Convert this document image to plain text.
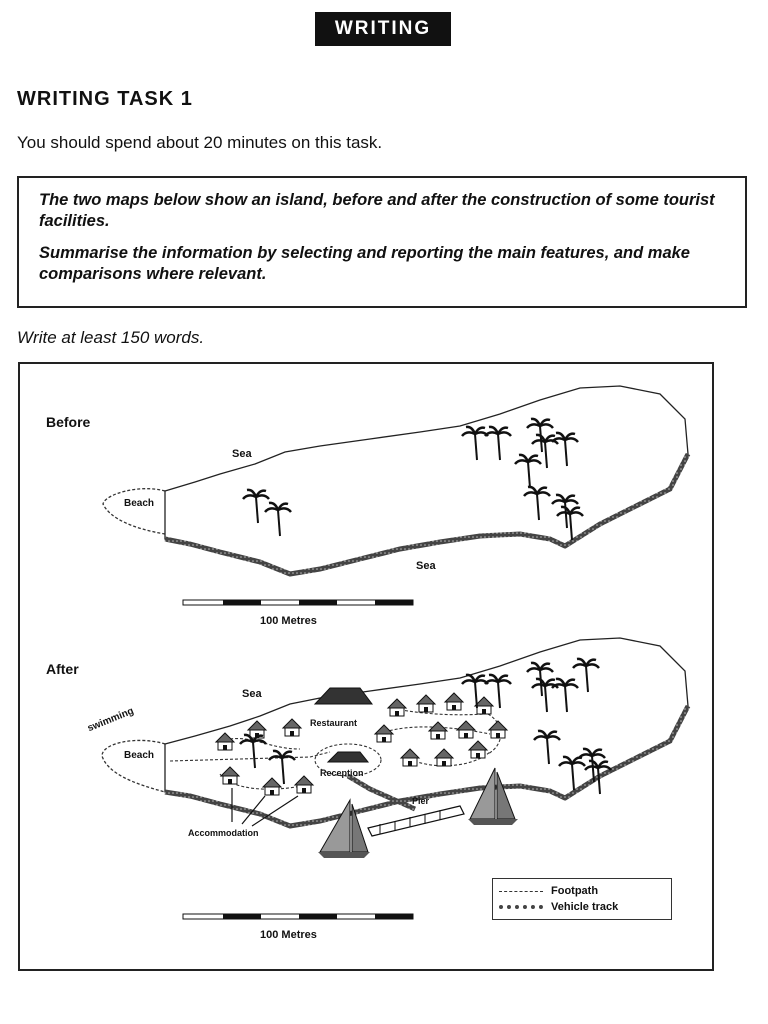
WRITING
WRITING TASK 1
You should spend about 20 minutes on this task.

The two maps below show an island, before and after the construction of some tourist facilities.

Summarise the information by selecting and reporting the main features, and make comparisons where relevant.

Write at least 150 words.
Before
Sea
Beach
Sea
100 Metres
After
Sea
swimming
Beach
Restaurant
Reception
Pier
Accommodation
100 Metres
Footpath
Vehicle track
